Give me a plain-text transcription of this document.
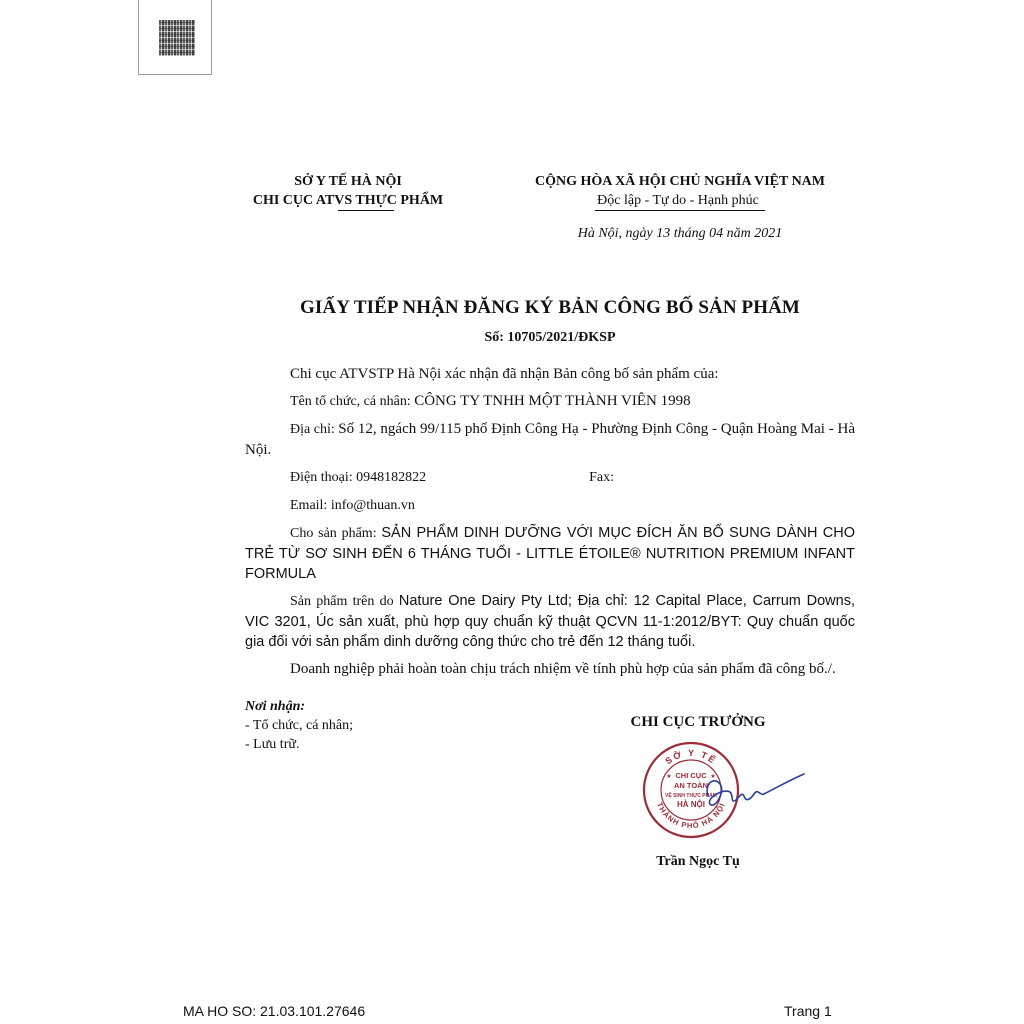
SỞ Y TẾ HÀ NỘI
CHI CỤC ATVS THỰC PHẨM
CỘNG HÒA XÃ HỘI CHỦ NGHĨA VIỆT NAM
Độc lập - Tự do - Hạnh phúc
Hà Nội, ngày 13 tháng 04 năm 2021
GIẤY TIẾP NHẬN ĐĂNG KÝ BẢN CÔNG BỐ SẢN PHẨM
Số: 10705/2021/ĐKSP

Chi cục ATVSTP Hà Nội xác nhận đã nhận Bản công bố sản phẩm của:

Tên tổ chức, cá nhân: CÔNG TY TNHH MỘT THÀNH VIÊN 1998

Địa chỉ: Số 12, ngách 99/115 phố Định Công Hạ - Phường Định Công - Quận Hoàng Mai - Hà Nội.

Điện thoại: 0948182822	Fax:

Email: info@thuan.vn

Cho sản phẩm: SẢN PHẨM DINH DƯỠNG VỚI MỤC ĐÍCH ĂN BỔ SUNG DÀNH CHO TRẺ TỪ SƠ SINH ĐẾN 6 THÁNG TUỔI - LITTLE ÉTOILE® NUTRITION PREMIUM INFANT FORMULA

Sản phẩm trên do Nature One Dairy Pty Ltd; Địa chỉ: 12 Capital Place, Carrum Downs, VIC 3201, Úc sản xuất, phù hợp quy chuẩn kỹ thuật QCVN 11-1:2012/BYT: Quy chuẩn quốc gia đối với sản phẩm dinh dưỡng công thức cho trẻ đến 12 tháng tuổi.

Doanh nghiệp phải hoàn toàn chịu trách nhiệm về tính phù hợp của sản phẩm đã công bố./.

Nơi nhận:
- Tổ chức, cá nhân;
- Lưu trữ.
CHI CỤC TRƯỞNG
SỞ Y TẾ
THÀNH PHỐ HÀ NỘI
CHI CỤC
AN TOÀN
VỆ SINH THỰC PHẨM
HÀ NỘI
★	★
Trần Ngọc Tụ
MA HO SO: 21.03.101.27646	Trang 1
